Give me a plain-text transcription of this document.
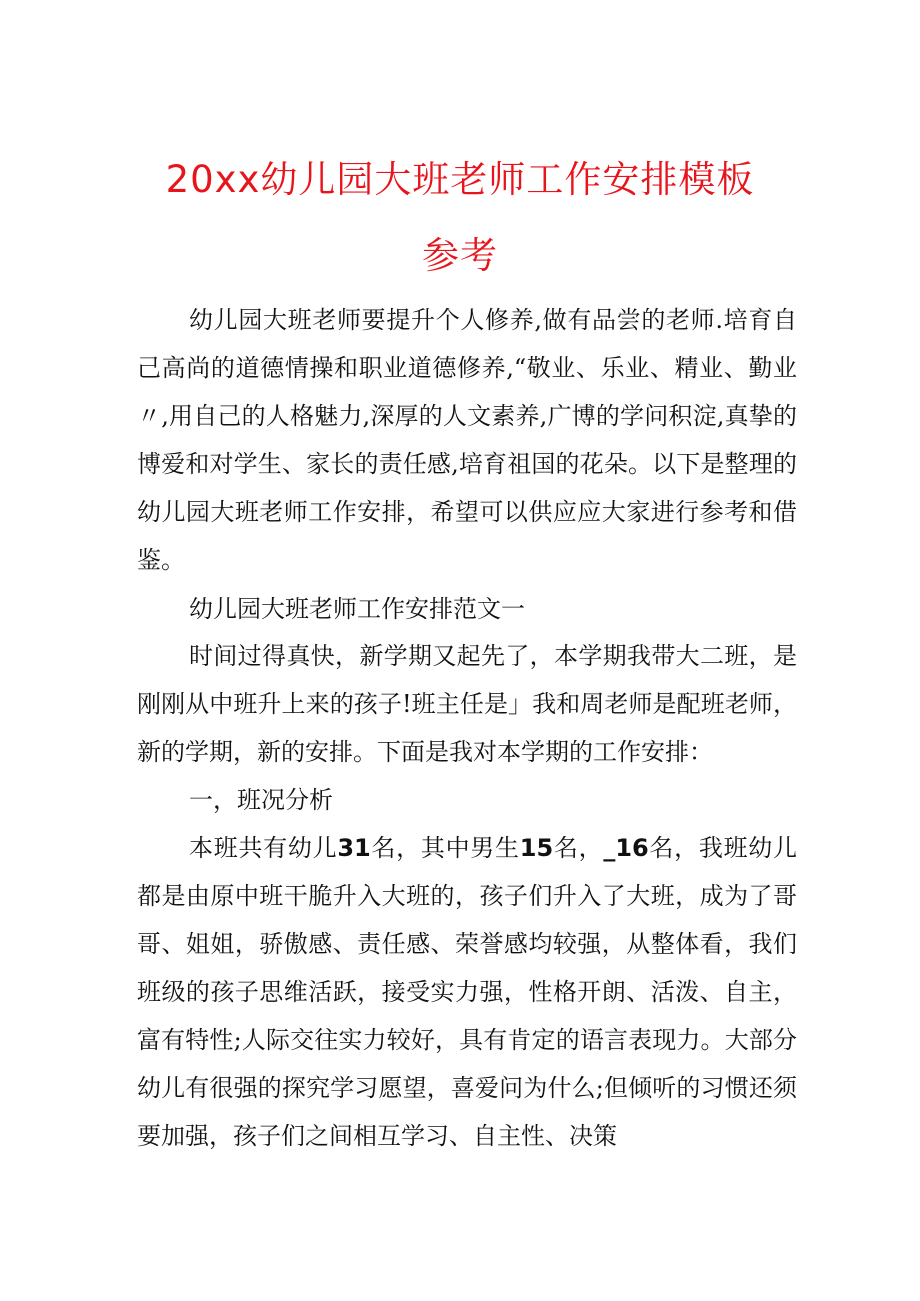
20xx幼儿园大班老师工作安排模板
参考

幼儿园大班老师要提升个人修养,做有品尝的老师.培育自己高尚的道德情操和职业道德修养,“敬业、乐业、精业、勤业〃,用自己的人格魅力,深厚的人文素养,广博的学问积淀,真挚的博爱和对学生、家长的责任感,培育祖国的花朵。以下是整理的幼儿园大班老师工作安排，希望可以供应应大家进行参考和借鉴。

幼儿园大班老师工作安排范文一

时间过得真快，新学期又起先了，本学期我带大二班，是刚刚从中班升上来的孩子!班主任是」我和周老师是配班老师，新的学期，新的安排。下面是我对本学期的工作安排：

一，班况分析

本班共有幼儿31名，其中男生15名，_16名，我班幼儿都是由原中班干脆升入大班的，孩子们升入了大班，成为了哥哥、姐姐，骄傲感、责任感、荣誉感均较强，从整体看，我们班级的孩子思维活跃，接受实力强，性格开朗、活泼、自主，富有特性;人际交往实力较好，具有肯定的语言表现力。大部分幼儿有很强的探究学习愿望，喜爱问为什么;但倾听的习惯还须要加强，孩子们之间相互学习、自主性、决策
